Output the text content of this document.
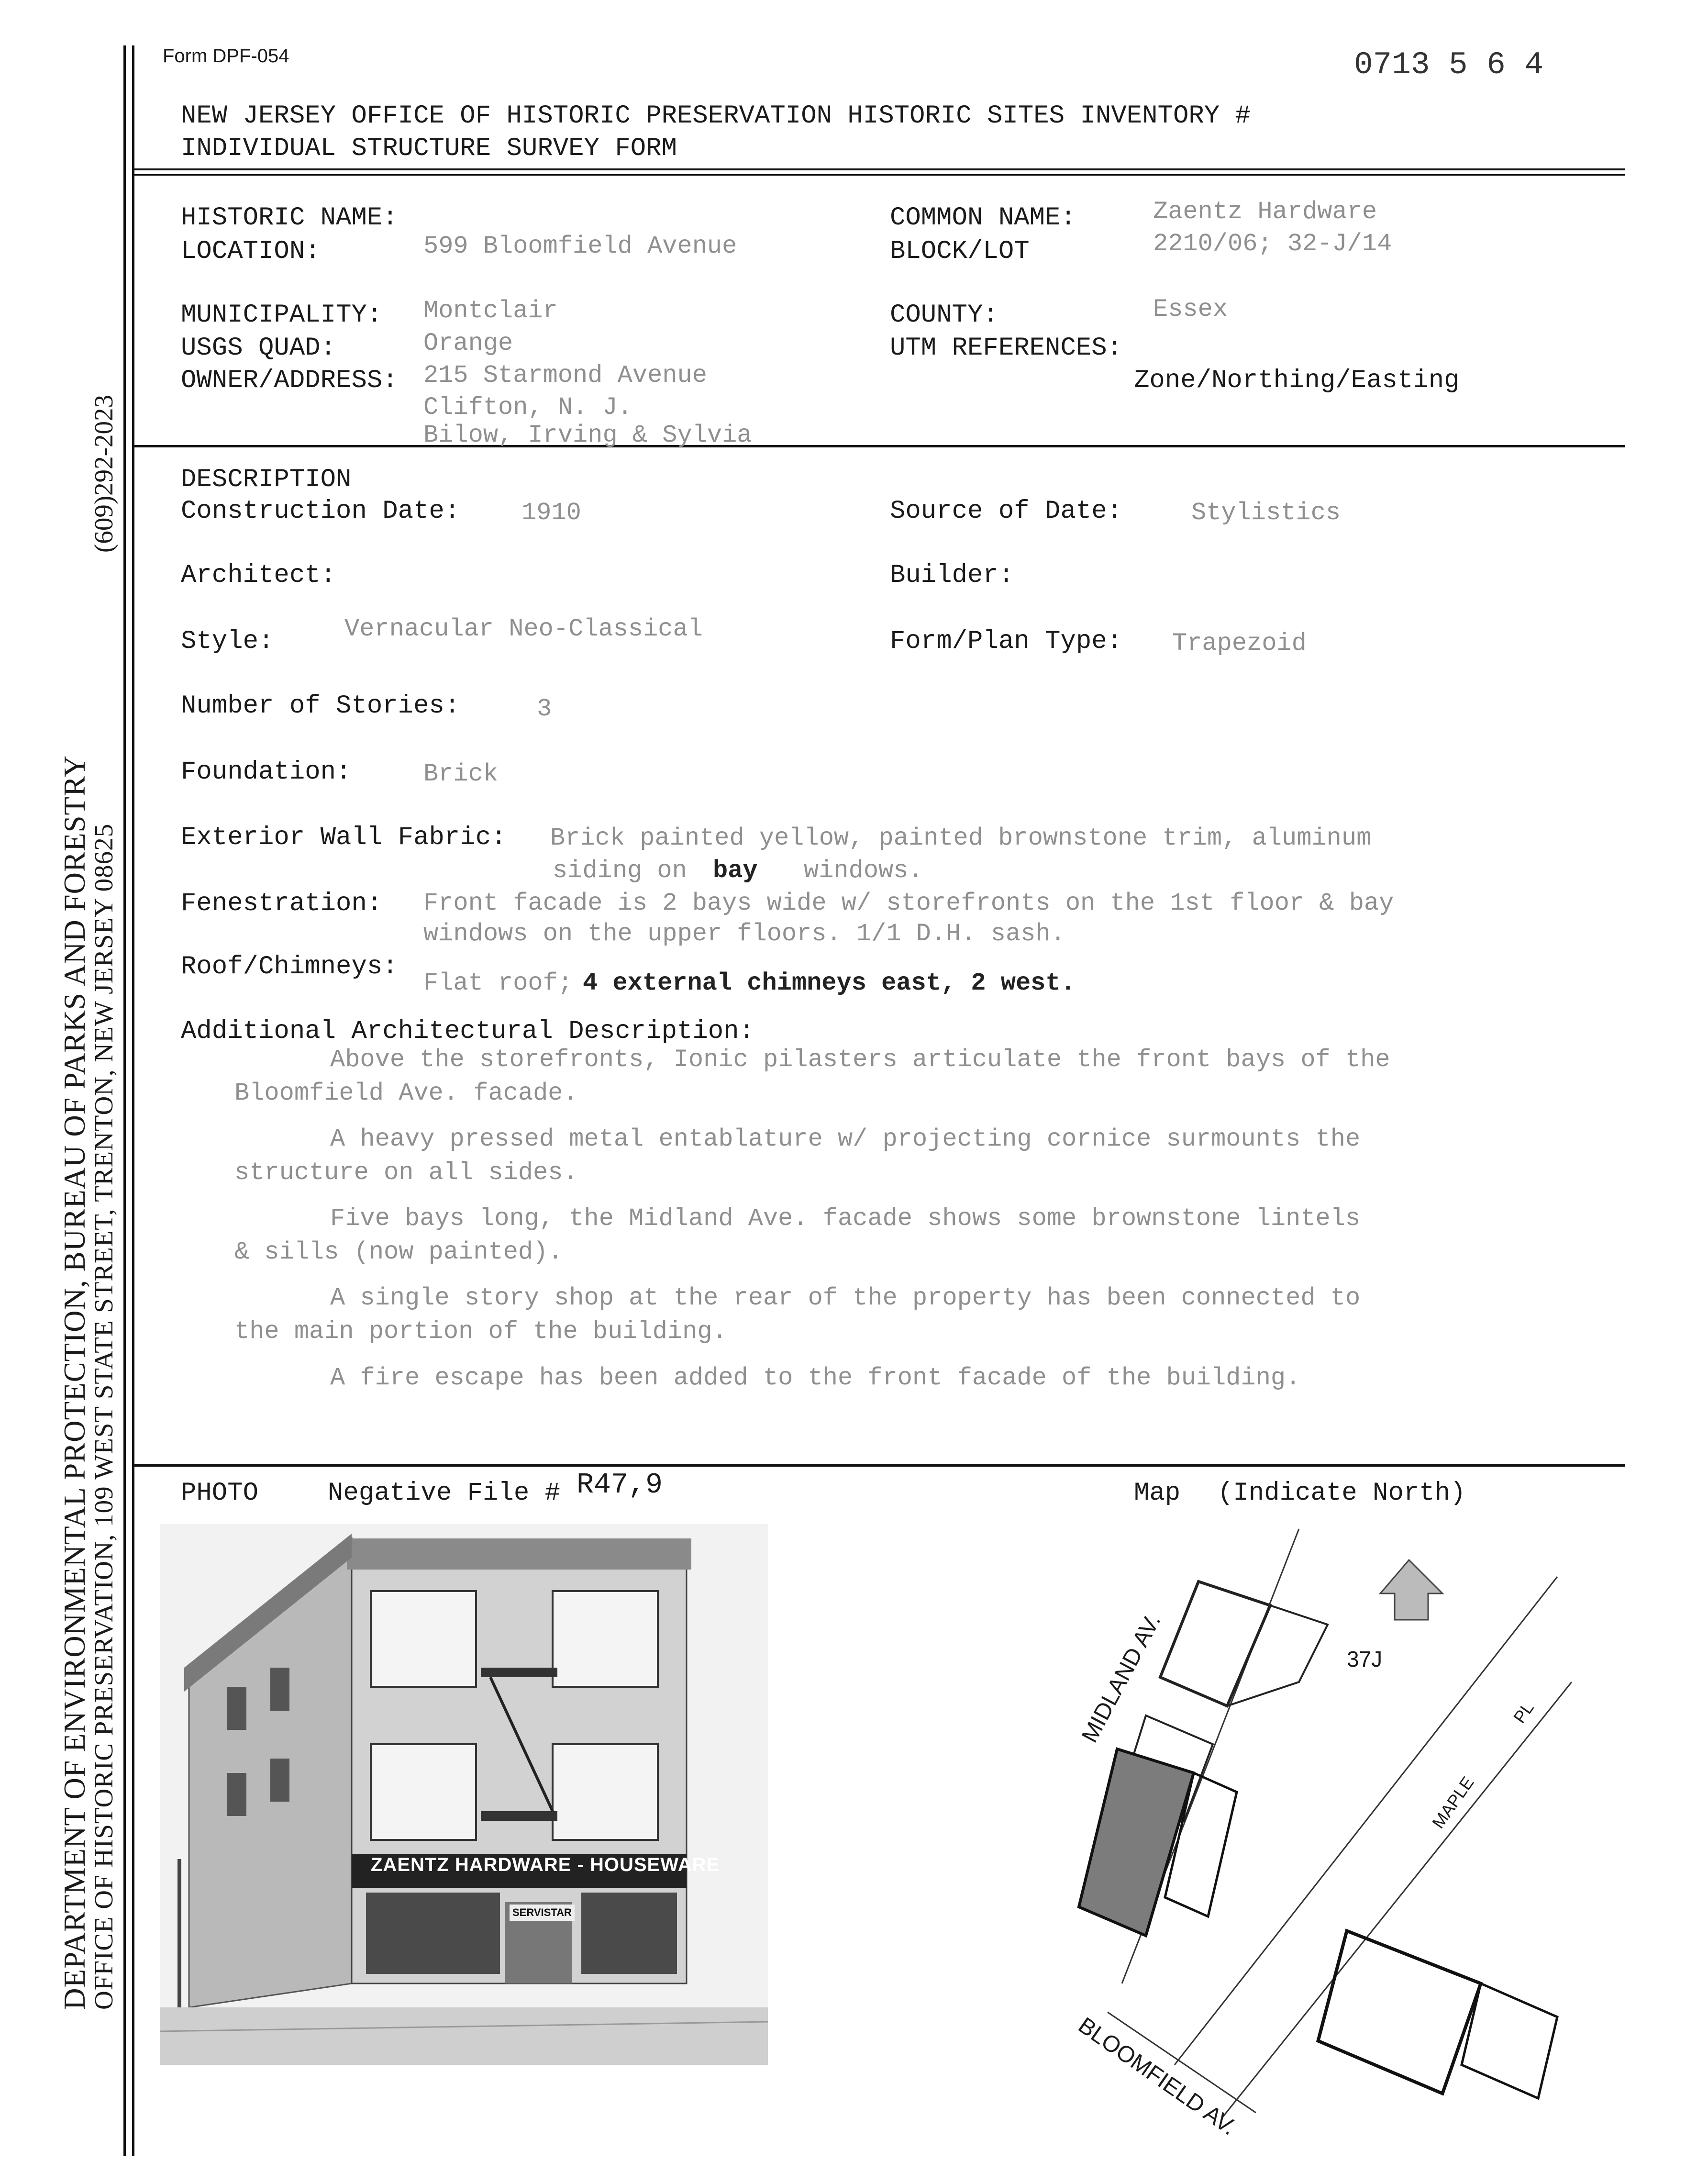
DEPARTMENT OF ENVIRONMENTAL PROTECTION, BUREAU OF PARKS AND FORESTRY
OFFICE OF HISTORIC PRESERVATION, 109 WEST STATE STREET, TRENTON, NEW JERSEY 08625
(609)292-2023
Form DPF-054	0713 5 6 4
NEW JERSEY OFFICE OF HISTORIC PRESERVATION HISTORIC SITES INVENTORY #
INDIVIDUAL STRUCTURE SURVEY FORM
HISTORIC NAME:	COMMON NAME:	Zaentz Hardware
LOCATION:	599 Bloomfield Avenue	BLOCK/LOT	2210/06; 32-J/14
MUNICIPALITY: Montclair	COUNTY:	Essex
USGS QUAD:	Orange	UTM REFERENCES:
Zone/Northing/Easting
OWNER/ADDRESS: 215 Starmond Avenue
Clifton, N. J.
Bilow, Irving & Sylvia
DESCRIPTION
Construction Date: 1910	Source of Date:	Stylistics
Architect:	Builder:
Style:	Vernacular Neo-Classical	Form/Plan Type: Trapezoid
Number of Stories:	3
Foundation:	Brick
Exterior Wall Fabric: Brick painted yellow, painted brownstone trim, aluminum
siding on bay windows.
Fenestration: Front facade is 2 bays wide w/ storefronts on the 1st floor & bay
windows on the upper floors. 1/1 D.H. sash.
Roof/Chimneys:
Flat roof; 4 external chimneys east, 2 west.
Additional Architectural Description:
Above the storefronts, Ionic pilasters articulate the front bays of the
Bloomfield Ave. facade.
A heavy pressed metal entablature w/ projecting cornice surmounts the
structure on all sides.
Five bays long, the Midland Ave. facade shows some brownstone lintels
& sills (now painted).
A single story shop at the rear of the property has been connected to
the main portion of the building.
A fire escape has been added to the front facade of the building.
PHOTO	Negative File # R47,9	Map (Indicate North)
ZAENTZ HARDWARE - HOUSEWARE
SERVISTAR
MIDLAND AV.
BLOOMFIELD AV.
MAPLE
PL
37J
